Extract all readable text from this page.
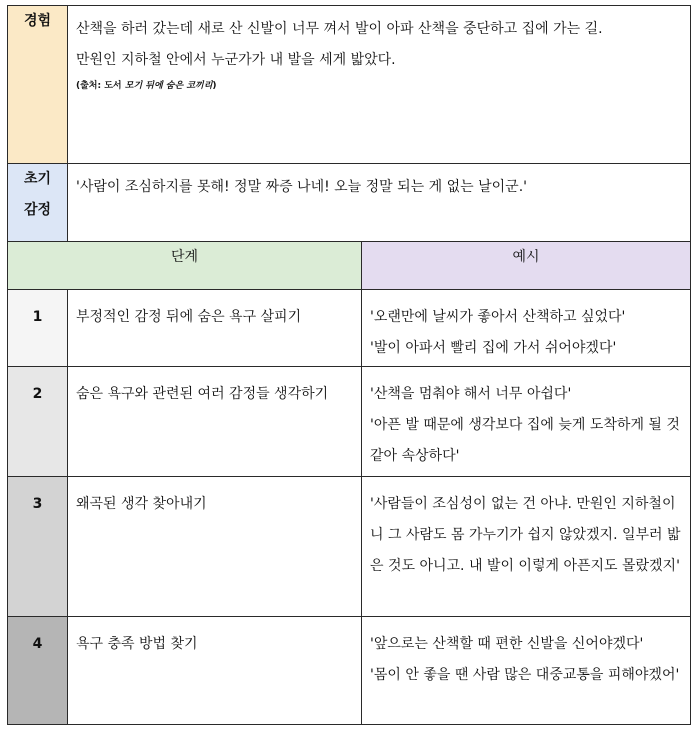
경험	산책을 하러 갔는데 새로 산 신발이 너무 껴서 발이 아파 산책을 중단하고 집에 가는 길.
만원인 지하철 안에서 누군가가 내 발을 세게 밟았다.
(출처: 도서 모기 뒤에 숨은 코끼리)	

초기 감정	'사람이 조심하지를 못해! 정말 짜증 나네! 오늘 정말 되는 게 없는 날이군.'	

단계		예시

1	부정적인 감정 뒤에 숨은 욕구 살피기	'오랜만에 날씨가 좋아서 산책하고 싶었다'
'발이 아파서 빨리 집에 가서 쉬어야겠다'

2	숨은 욕구와 관련된 여러 감정들 생각하기	'산책을 멈춰야 해서 너무 아쉽다'
'아픈 발 때문에 생각보다 집에 늦게 도착하게 될 것 같아 속상하다'

3	왜곡된 생각 찾아내기	'사람들이 조심성이 없는 건 아냐. 만원인 지하철이니 그 사람도 몸 가누기가 쉽지 않았겠지. 일부러 밟은 것도 아니고. 내 발이 이렇게 아픈지도 몰랐겠지'

4	욕구 충족 방법 찾기	'앞으로는 산책할 때 편한 신발을 신어야겠다'
'몸이 안 좋을 땐 사람 많은 대중교통을 피해야겠어'
